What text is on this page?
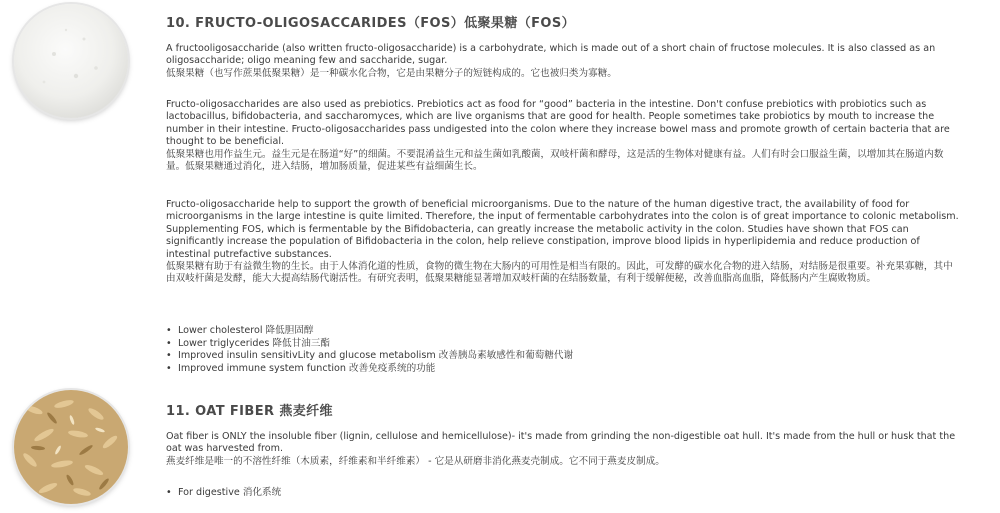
10. FRUCTO-OLIGOSACCARIDES（FOS）低聚果糖（FOS）
A fructooligosaccharide (also written fructo-oligosaccharide) is a carbohydrate, which is made out of a short chain of fructose molecules. It is also classed as an oligosaccharide; oligo meaning few and saccharide, sugar.
低聚果糖（也写作蔗果低聚果糖）是一种碳水化合物，它是由果糖分子的短链构成的。它也被归类为寡糖。
Fructo-oligosaccharides are also used as prebiotics. Prebiotics act as food for “good” bacteria in the intestine. Don't confuse prebiotics with probiotics such as lactobacillus, bifidobacteria, and saccharomyces, which are live organisms that are good for health. People sometimes take probiotics by mouth to increase the number in their intestine. Fructo-oligosaccharides pass undigested into the colon where they increase bowel mass and promote growth of certain bacteria that are thought to be beneficial.
低聚果糖也用作益生元。益生元是在肠道“好”的细菌。不要混淆益生元和益生菌如乳酸菌，双岐杆菌和酵母，这是活的生物体对健康有益。人们有时会口服益生菌，以增加其在肠道内数量。低聚果糖通过消化，进入结肠，增加肠质量，促进某些有益细菌生长。
Fructo-oligosaccharide help to support the growth of beneficial microorganisms. Due to the nature of the human digestive tract, the availability of food for microorganisms in the large intestine is quite limited. Therefore, the input of fermentable carbohydrates into the colon is of great importance to colonic metabolism. Supplementing FOS, which is fermentable by the Bifidobacteria, can greatly increase the metabolic activity in the colon. Studies have shown that FOS can significantly increase the population of Bifidobacteria in the colon, help relieve constipation, improve blood lipids in hyperlipidemia and reduce production of intestinal putrefactive substances.
低聚果糖有助于有益微生物的生长。由于人体消化道的性质，食物的微生物在大肠内的可用性是相当有限的。因此，可发酵的碳水化合物的进入结肠，对结肠是很重要。补充果寡糖，其中由双岐杆菌是发酵，能大大提高结肠代谢活性。有研究表明，低聚果糖能显著增加双岐杆菌的在结肠数量，有利于缓解便秘，改善血脂高血脂，降低肠内产生腐败物质。
• Lower cholesterol 降低胆固醇
• Lower triglycerides 降低甘油三酯
• Improved insulin sensitivLity and glucose metabolism 改善胰岛素敏感性和葡萄糖代谢
• Improved immune system function 改善免疫系统的功能
11. OAT FIBER 燕麦纤维
Oat fiber is ONLY the insoluble fiber (lignin, cellulose and hemicellulose)- it's made from grinding the non-digestible oat hull. It's made from the hull or husk that the oat was harvested from.
燕麦纤维是唯一的不溶性纤维（木质素，纤维素和半纤维素） - 它是从研磨非消化燕麦壳制成。它不同于燕麦皮制成。
• For digestive 消化系统
